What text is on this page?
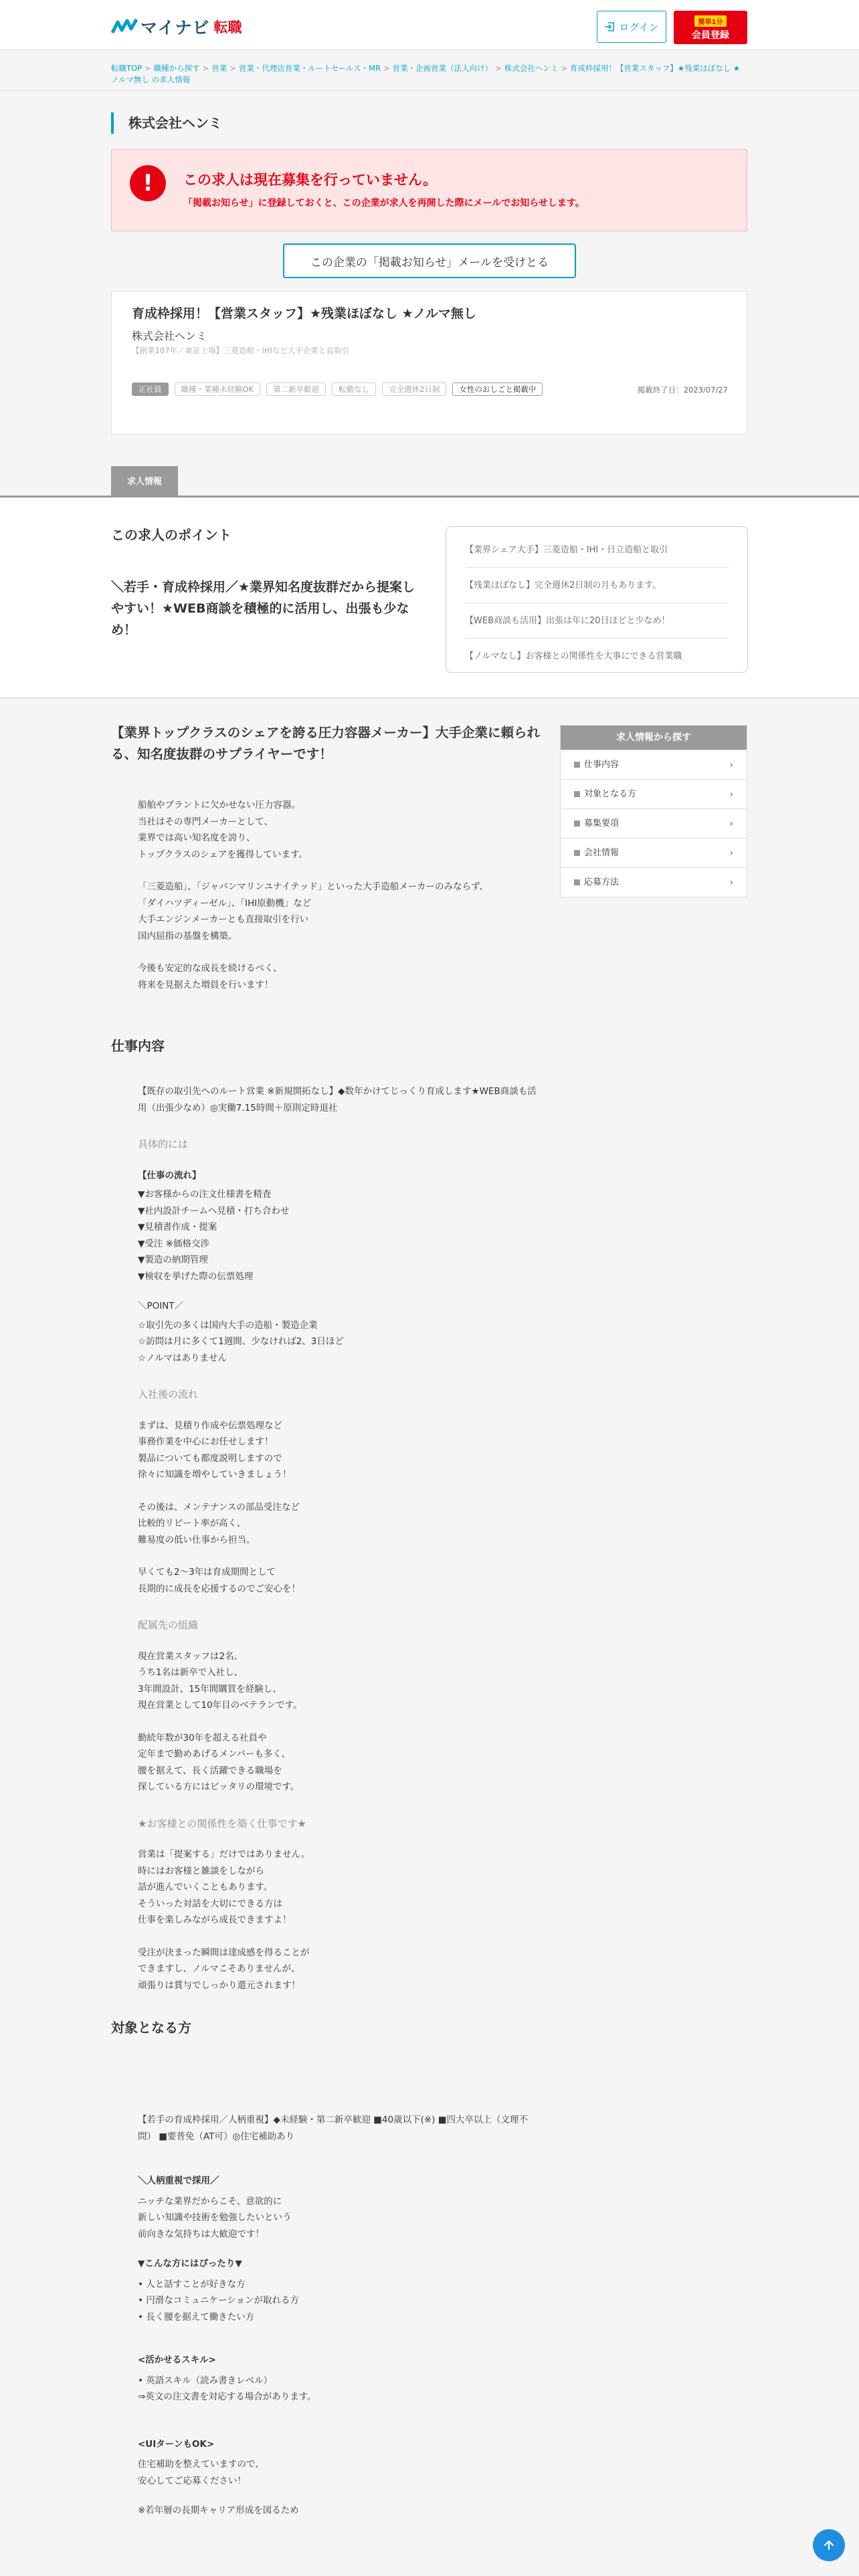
マイナビ 転職	ログイン	簡単1分
会員登録
転職TOP > 職種から探す > 営業 > 営業・代理店営業・ルートセールス・MR > 営業・企画営業（法人向け） > 株式会社ヘンミ > 育成枠採用！【営業スタッフ】★残業ほぼなし ★ノルマ無し の求人情報
株式会社ヘンミ
!	この求人は現在募集を行っていません。
「掲載お知らせ」に登録しておくと、この企業が求人を再開した際にメールでお知らせします。
この企業の「掲載お知らせ」メールを受けとる
育成枠採用！【営業スタッフ】★残業ほぼなし ★ノルマ無し
株式会社ヘンミ
【創業107年／東証上場】三菱造船・IHIなど大手企業と直取引
正社員	職種・業種未経験OK	第二新卒歓迎	転勤なし	完全週休2日制	女性のおしごと掲載中	掲載終了日：2023/07/27
求人情報
この求人のポイント
＼若手・育成枠採用／★業界知名度抜群だから提案しやすい！★WEB商談を積極的に活用し、出張も少なめ！
【業界シェア大手】三菱造船・IHI・日立造船と取引
【残業ほぼなし】完全週休2日制の月もあります。
【WEB商談も活用】出張は年に20日ほどと少なめ！
【ノルマなし】お客様との関係性を大事にできる営業職
【業界トップクラスのシェアを誇る圧力容器メーカー】大手企業に頼られる、知名度抜群のサプライヤーです！

船舶やプラントに欠かせない圧力容器。
当社はその専門メーカーとして、
業界では高い知名度を誇り、
トップクラスのシェアを獲得しています。

「三菱造船」、「ジャパンマリンユナイテッド」といった大手造船メーカーのみならず、
「ダイハツディーゼル」、「IHI原動機」など
大手エンジンメーカーとも直接取引を行い
国内屈指の基盤を構築。

今後も安定的な成長を続けるべく、
将来を見据えた増員を行います！

求人情報から探す
仕事内容	›
対象となる方	›
募集要項	›
会社情報	›
応募方法	›
仕事内容

【既存の取引先へのルート営業 ※新規開拓なし】◆数年かけてじっくり育成します★WEB商談も活用（出張少なめ）◎実働7.15時間＋原則定時退社

具体的には
【仕事の流れ】
▼お客様からの注文仕様書を精査
▼社内設計チームへ見積・打ち合わせ
▼見積書作成・提案
▼受注 ※価格交渉
▼製造の納期管理
▼検収を挙げた際の伝票処理
＼POINT／
☆取引先の多くは国内大手の造船・製造企業
☆訪問は月に多くて1週間、少なければ2、3日ほど
☆ノルマはありません
入社後の流れ

まずは、見積り作成や伝票処理など
事務作業を中心にお任せします！
製品についても都度説明しますので
徐々に知識を増やしていきましょう！

その後は、メンテナンスの部品受注など
比較的リピート率が高く、
難易度の低い仕事から担当。

早くても2～3年は育成期間として
長期的に成長を応援するのでご安心を！

配属先の組織

現在営業スタッフは2名。
うち1名は新卒で入社し、
3年間設計、15年間購買を経験し、
現在営業として10年目のベテランです。

勤続年数が30年を超える社員や
定年まで勤めあげるメンバーも多く、
腰を据えて、長く活躍できる職場を
探している方にはピッタリの環境です。

★お客様との関係性を築く仕事です★

営業は「提案する」だけではありません。
時にはお客様と雑談をしながら
話が進んでいくこともあります。
そういった対話を大切にできる方は
仕事を楽しみながら成長できますよ！

受注が決まった瞬間は達成感を得ることが
できますし、ノルマこそありませんが、
頑張りは賞与でしっかり還元されます！

対象となる方

【若手の育成枠採用／人柄重視】◆未経験・第二新卒歓迎 ■40歳以下(※) ■四大卒以上（文理不問） ■要普免（AT可）◎住宅補助あり

＼人柄重視で採用／

ニッチな業界だからこそ、意欲的に
新しい知識や技術を勉強したいという
前向きな気持ちは大歓迎です！

▼こんな方にはぴったり▼
• 人と話すことが好きな方
• 円滑なコミュニケーションが取れる方
• 長く腰を据えて働きたい方
<活かせるスキル>
• 英語スキル（読み書きレベル）

⇒英文の注文書を対応する場合があります。

<UIターンもOK>

住宅補助を整えていますので、
安心してご応募ください！

※若年層の長期キャリア形成を図るため
